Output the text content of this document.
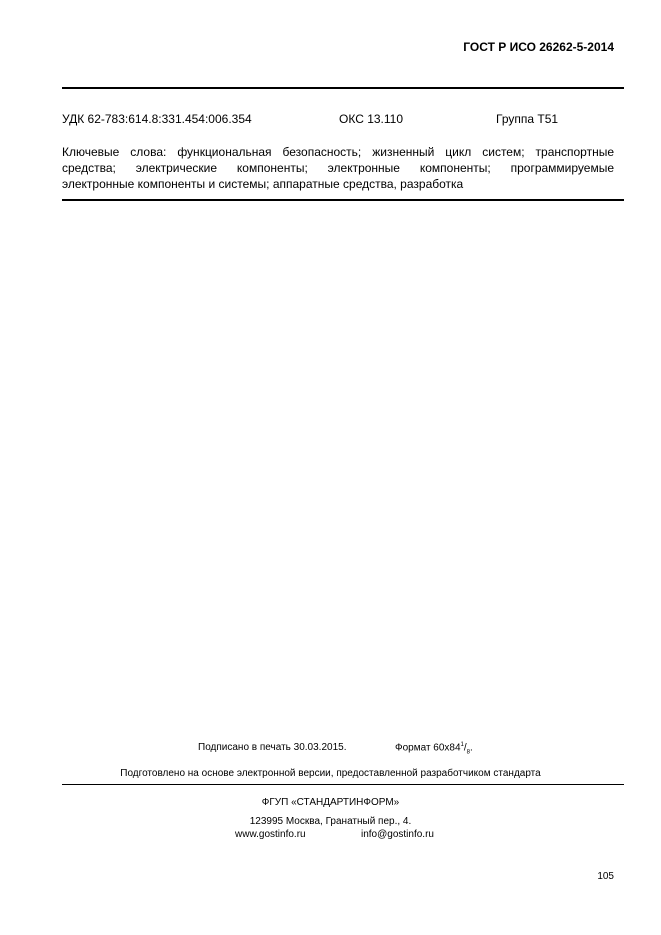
ГОСТ Р ИСО 26262-5-2014
УДК 62-783:614.8:331.454:006.354	ОКС 13.110	Группа Т51
Ключевые слова: функциональная безопасность; жизненный цикл систем; транспортные
средства; электрические компоненты; электронные компоненты; программируемые
электронные компоненты и системы; аппаратные средства, разработка
Подписано в печать 30.03.2015.	Формат $60x84^1/_8$.
Подготовлено на основе электронной версии, предоставленной разработчиком стандарта
ФГУП «СТАНДАРТИНФОРМ»
123995 Москва, Гранатный пер., 4.
www.gostinfo.ru	info@gostinfo.ru
105
